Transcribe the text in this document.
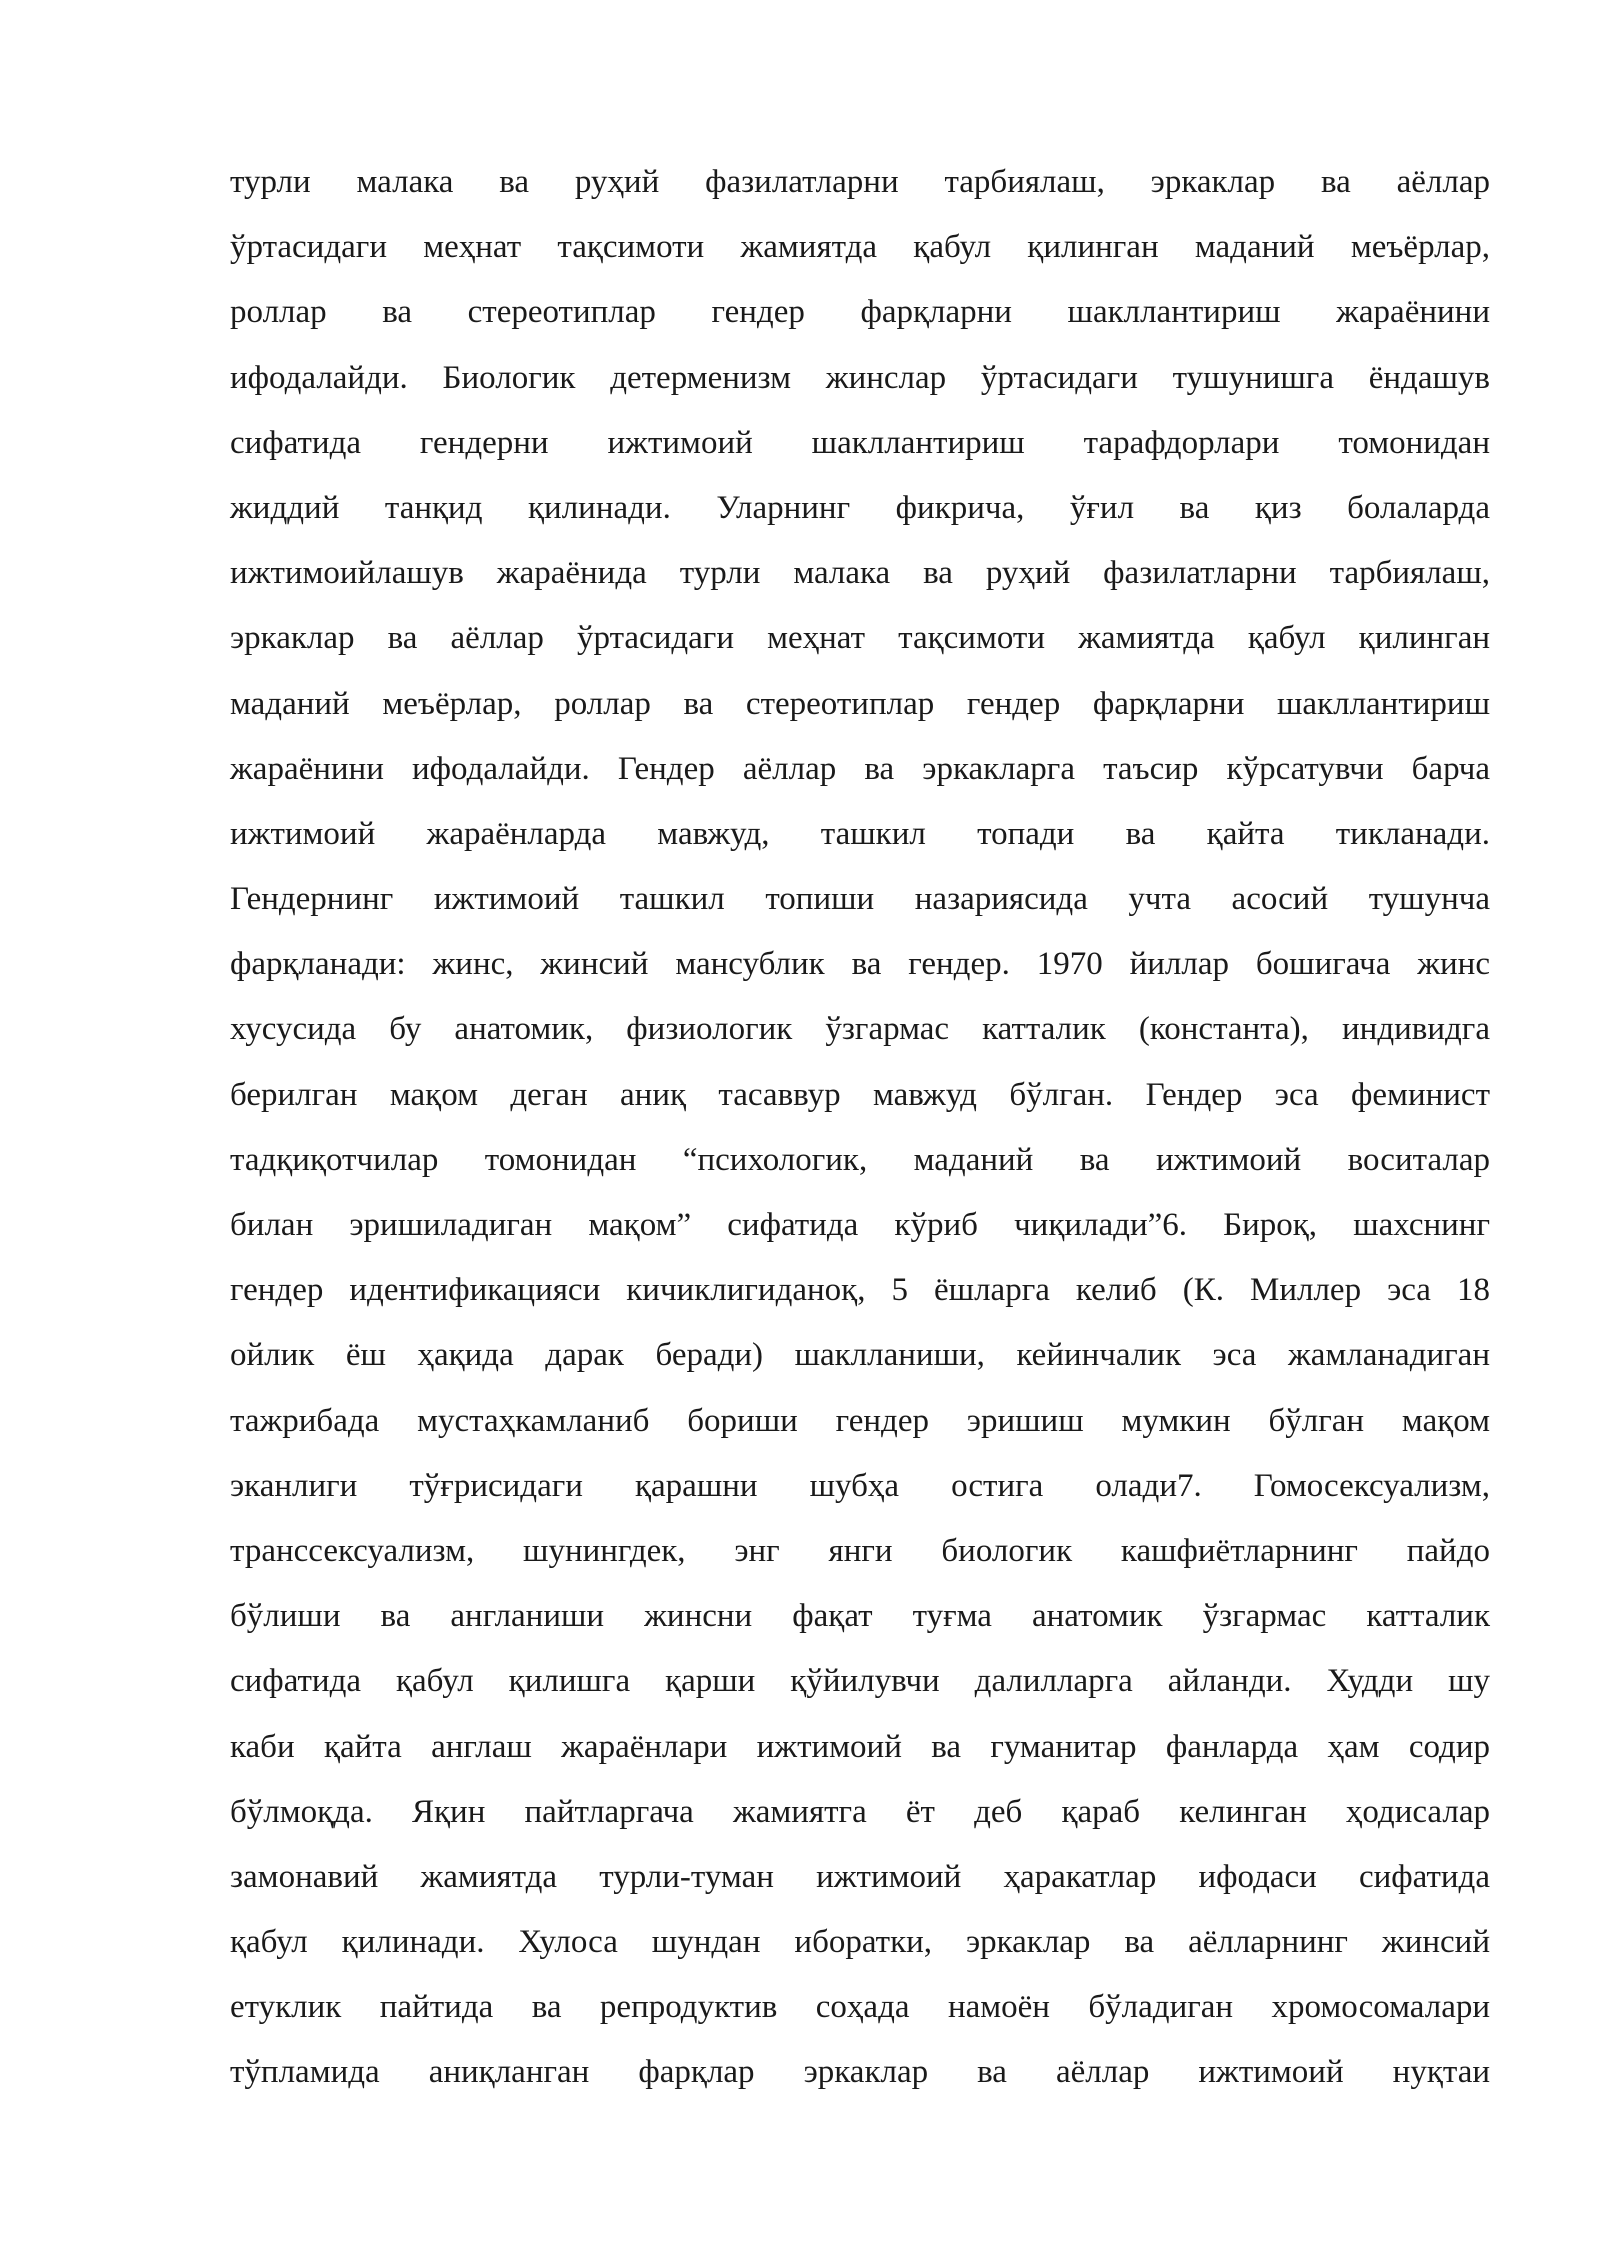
турли малака ва руҳий фазилатларни тарбиялаш, эркаклар ва аёллар
ўртасидаги меҳнат тақсимоти жамиятда қабул қилинган маданий меъёрлар,
роллар ва стереотиплар гендер фарқларни шакллантириш жараёнини
ифодалайди. Биологик детерменизм жинслар ўртасидаги тушунишга ёндашув
сифатида гендерни ижтимоий шакллантириш тарафдорлари томонидан
жиддий танқид қилинади. Уларнинг фикрича, ўғил ва қиз болаларда
ижтимоийлашув жараёнида турли малака ва руҳий фазилатларни тарбиялаш,
эркаклар ва аёллар ўртасидаги меҳнат тақсимоти жамиятда қабул қилинган
маданий меъёрлар, роллар ва стереотиплар гендер фарқларни шакллантириш
жараёнини ифодалайди. Гендер аёллар ва эркакларга таъсир кўрсатувчи барча
ижтимоий жараёнларда мавжуд, ташкил топади ва қайта тикланади.
Гендернинг ижтимоий ташкил топиши назариясида учта асосий тушунча
фарқланади: жинс, жинсий мансублик ва гендер. 1970 йиллар бошигача жинс
хусусида бу анатомик, физиологик ўзгармас катталик (константа), индивидга
берилган мақом деган аниқ тасаввур мавжуд бўлган. Гендер эса феминист
тадқиқотчилар томонидан “психологик, маданий ва ижтимоий воситалар
билан эришиладиган мақом” сифатида кўриб чиқилади”6. Бироқ, шахснинг
гендер идентификацияси кичиклигиданоқ, 5 ёшларга келиб (К. Миллер эса 18
ойлик ёш ҳақида дарак беради) шаклланиши, кейинчалик эса жамланадиган
тажрибада мустаҳкамланиб бориши гендер эришиш мумкин бўлган мақом
эканлиги тўғрисидаги қарашни шубҳа остига олади7. Гомосексуализм,
транссексуализм, шунингдек, энг янги биологик кашфиётларнинг пайдо
бўлиши ва англаниши жинсни фақат туғма анатомик ўзгармас катталик
сифатида қабул қилишга қарши қўйилувчи далилларга айланди. Худди шу
каби қайта англаш жараёнлари ижтимоий ва гуманитар фанларда ҳам содир
бўлмоқда. Яқин пайтларгача жамиятга ёт деб қараб келинган ҳодисалар
замонавий жамиятда турли-туман ижтимоий ҳаракатлар ифодаси сифатида
қабул қилинади. Хулоса шундан иборатки, эркаклар ва аёлларнинг жинсий
етуклик пайтида ва репродуктив соҳада намоён бўладиган хромосомалари
тўпламида аниқланган фарқлар эркаклар ва аёллар ижтимоий нуқтаи
